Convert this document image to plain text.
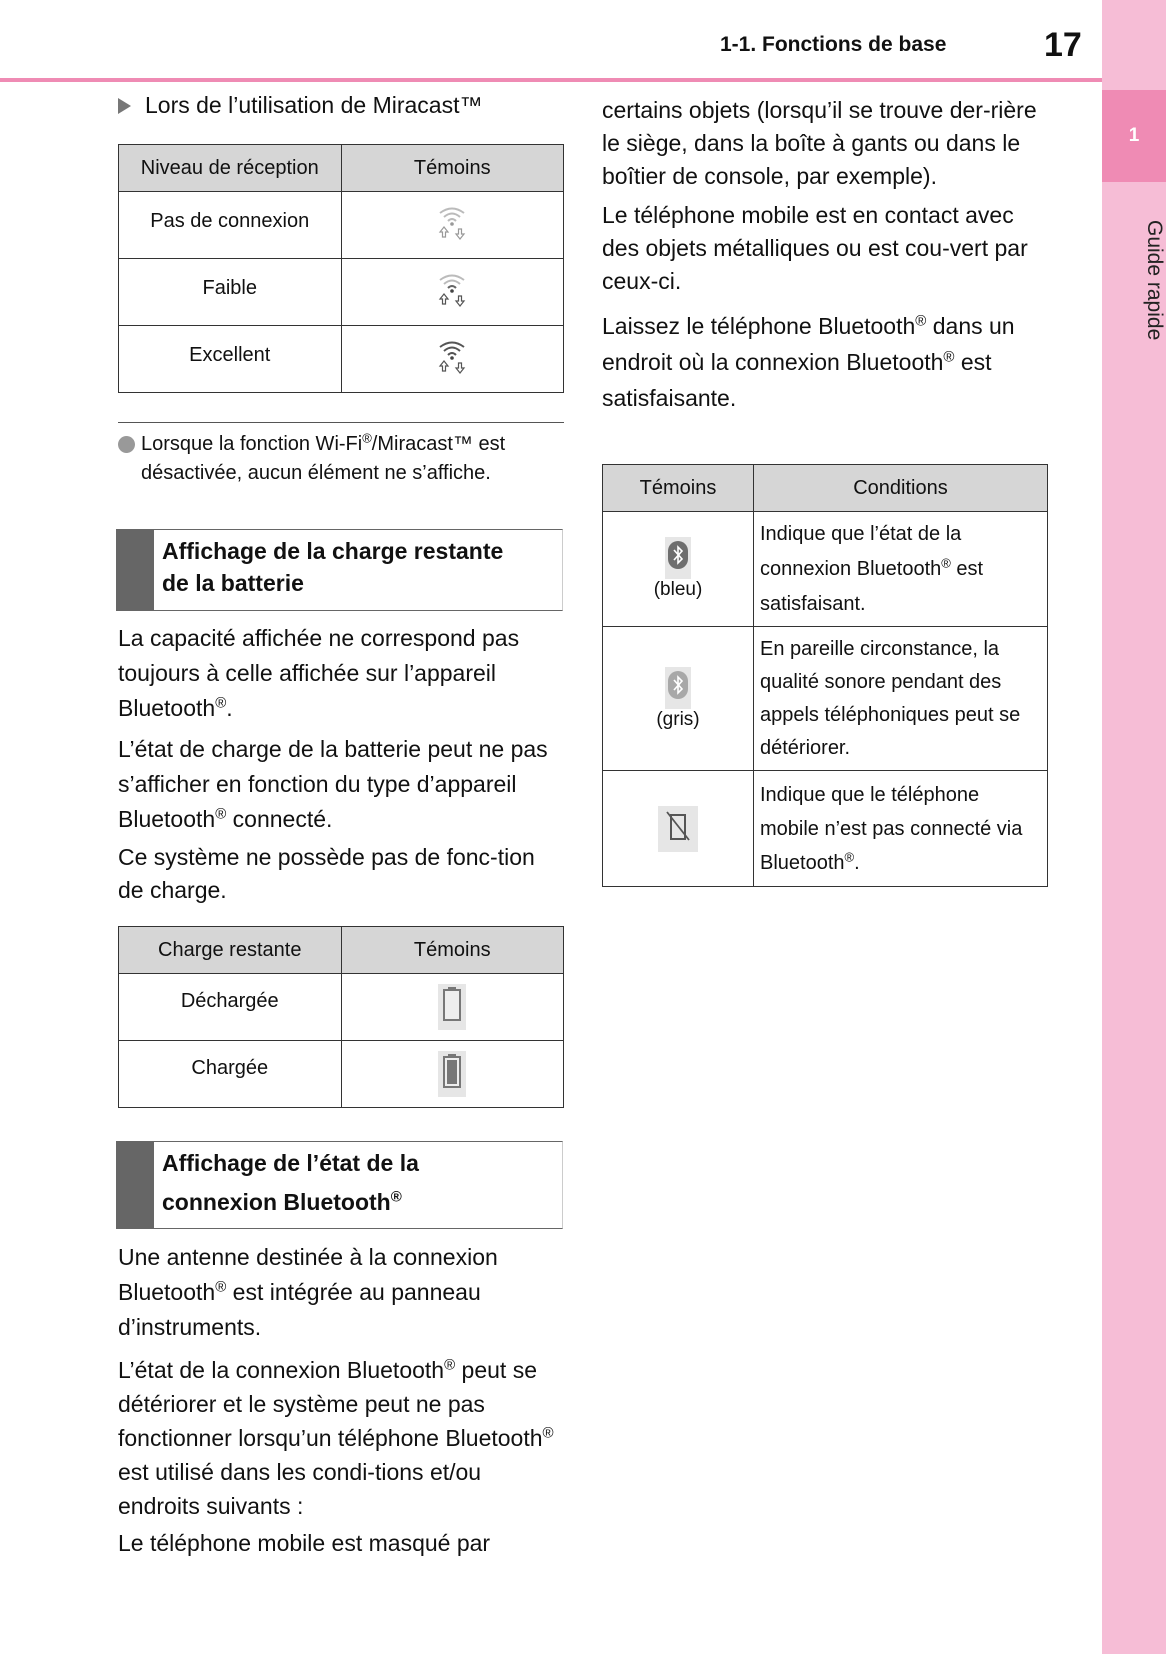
1
Guide rapide
1-1. Fonctions de base	17
Lors de l’utilisation de Miracast™
Niveau de réception	Témoins
Pas de connexion	
Faible	
Excellent	
Lorsque la fonction Wi-Fi®/Miracast™ est désactivée, aucun élément ne s’affiche.
Affichage de la charge restante
de la batterie

La capacité affichée ne correspond pas toujours à celle affichée sur l’appareil Bluetooth®.

L’état de charge de la batterie peut ne pas s’afficher en fonction du type d’appareil Bluetooth® connecté.

Ce système ne possède pas de fonc-tion de charge.

Charge restante	Témoins
Déchargée	
Chargée	
Affichage de l’état de la
connexion Bluetooth®

Une antenne destinée à la connexion Bluetooth® est intégrée au panneau d’instruments.

L’état de la connexion Bluetooth® peut se détériorer et le système peut ne pas fonctionner lorsqu’un téléphone Bluetooth® est utilisé dans les condi-tions et/ou endroits suivants :

Le téléphone mobile est masqué par

certains objets (lorsqu’il se trouve der-rière le siège, dans la boîte à gants ou dans le boîtier de console, par exemple).

Le téléphone mobile est en contact avec des objets métalliques ou est cou-vert par ceux-ci.

Laissez le téléphone Bluetooth® dans un endroit où la connexion Bluetooth® est satisfaisante.

Témoins	Conditions

(bleu)	Indique que l’état de la connexion Bluetooth® est satisfaisant.

(gris)	En pareille circonstance, la qualité sonore pendant des appels téléphoniques peut se détériorer.
	Indique que le téléphone mobile n’est pas connecté via Bluetooth®.
